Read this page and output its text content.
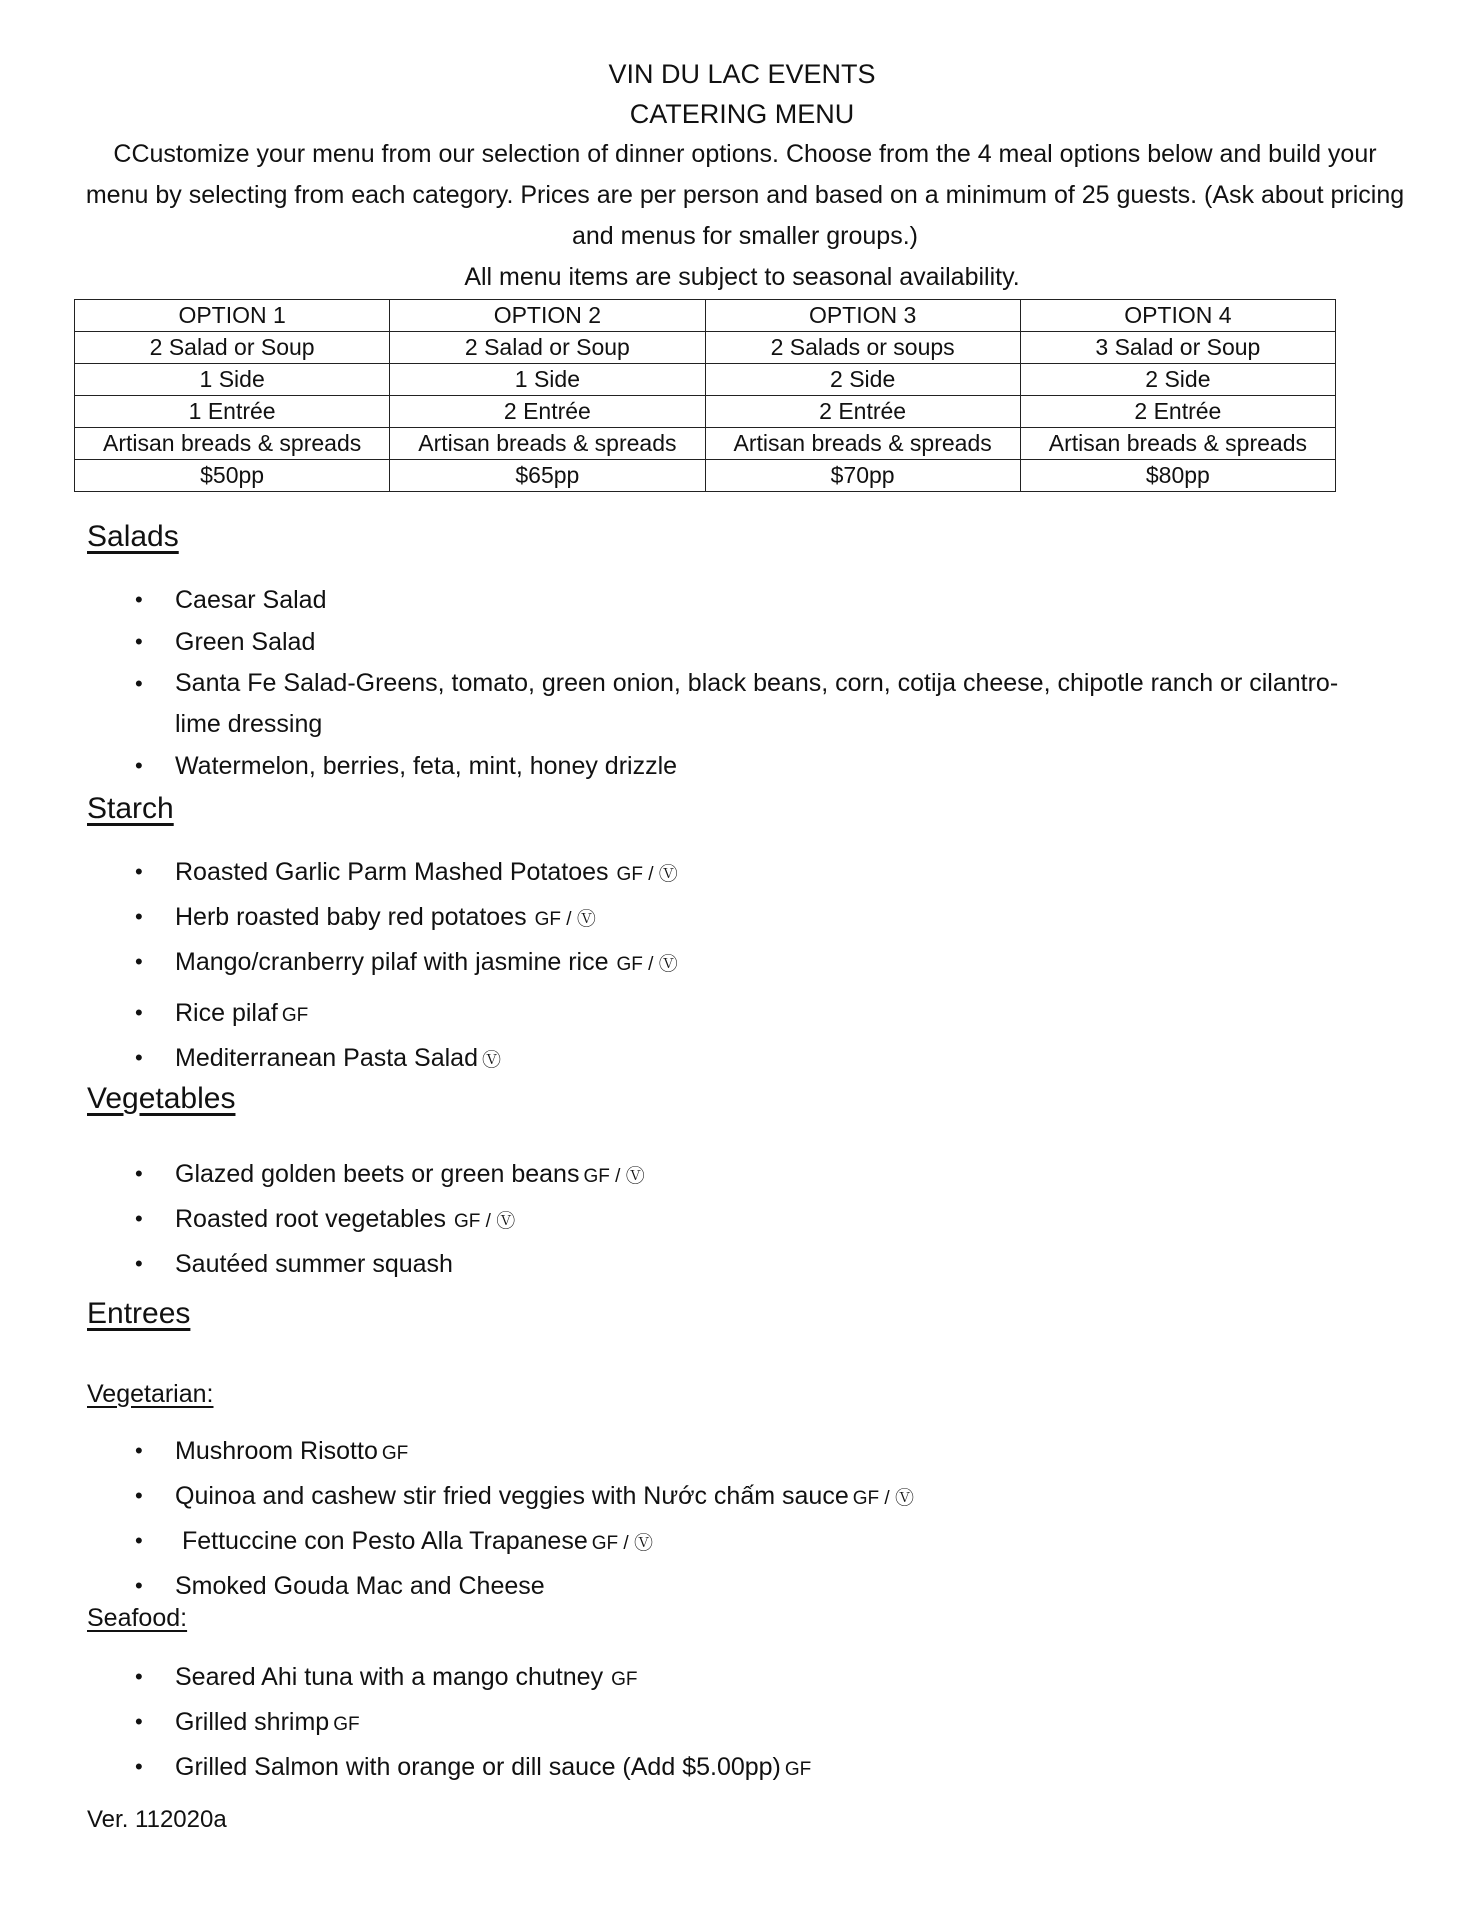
VIN DU LAC EVENTS
CATERING MENU
CCustomize your menu from our selection of dinner options. Choose from the 4 meal options below and build your menu by selecting from each category. Prices are per person and based on a minimum of 25 guests. (Ask about pricing and menus for smaller groups.)
All menu items are subject to seasonal availability.
OPTION 1	OPTION 2	OPTION 3	OPTION 4
2 Salad or Soup	2 Salad or Soup	2 Salads or soups	3 Salad or Soup
1 Side	1 Side	2 Side	2 Side
1 Entrée	2 Entrée	2 Entrée	2 Entrée
Artisan breads & spreads	Artisan breads & spreads	Artisan breads & spreads	Artisan breads & spreads
$50pp	$65pp	$70pp	$80pp
Salads
• Caesar Salad
• Green Salad
• Santa Fe Salad-Greens, tomato, green onion, black beans, corn, cotija cheese, chipotle ranch or cilantro-lime dressing
• Watermelon, berries, feta, mint, honey drizzle
Starch
• Roasted Garlic Parm Mashed Potatoes GF / Ⓥ
• Herb roasted baby red potatoes GF / Ⓥ
• Mango/cranberry pilaf with jasmine rice GF / Ⓥ
• Rice pilaf GF
• Mediterranean Pasta Salad Ⓥ
Vegetables
• Glazed golden beets or green beans GF / Ⓥ
• Roasted root vegetables GF / Ⓥ
• Sautéed summer squash
Entrees
Vegetarian:
• Mushroom Risotto GF
• Quinoa and cashew stir fried veggies with Nước chấm sauce GF / Ⓥ
• Fettuccine con Pesto Alla Trapanese GF / Ⓥ
• Smoked Gouda Mac and Cheese
Seafood:
• Seared Ahi tuna with a mango chutney GF
• Grilled shrimp GF
• Grilled Salmon with orange or dill sauce (Add $5.00pp) GF
Ver. 112020a
